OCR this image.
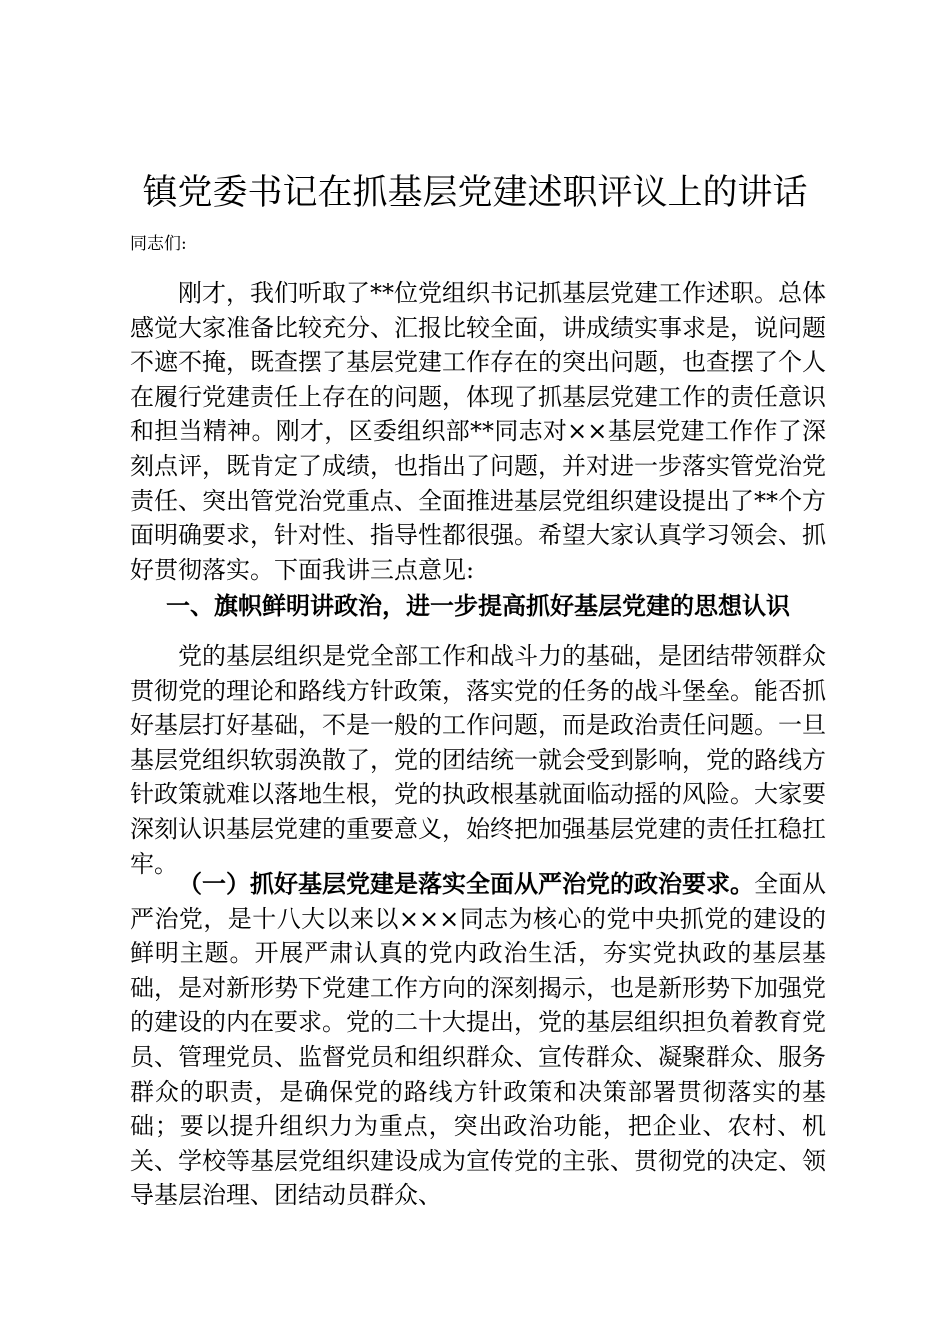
镇党委书记在抓基层党建述职评议上的讲话
同志们:

刚才，我们听取了**位党组织书记抓基层党建工作述职。总体感觉大家准备比较充分、汇报比较全面，讲成绩实事求是，说问题不遮不掩，既查摆了基层党建工作存在的突出问题，也查摆了个人在履行党建责任上存在的问题，体现了抓基层党建工作的责任意识和担当精神。刚才，区委组织部**同志对××基层党建工作作了深刻点评，既肯定了成绩，也指出了问题，并对进一步落实管党治党责任、突出管党治党重点、全面推进基层党组织建设提出了**个方面明确要求，针对性、指导性都很强。希望大家认真学习领会、抓好贯彻落实。下面我讲三点意见:

一、旗帜鲜明讲政治，进一步提高抓好基层党建的思想认识

党的基层组织是党全部工作和战斗力的基础，是团结带领群众贯彻党的理论和路线方针政策，落实党的任务的战斗堡垒。能否抓好基层打好基础，不是一般的工作问题，而是政治责任问题。一旦基层党组织软弱涣散了，党的团结统一就会受到影响，党的路线方针政策就难以落地生根，党的执政根基就面临动摇的风险。大家要深刻认识基层党建的重要意义，始终把加强基层党建的责任扛稳扛牢。

（一）抓好基层党建是落实全面从严治党的政治要求。全面从严治党，是十八大以来以×××同志为核心的党中央抓党的建设的鲜明主题。开展严肃认真的党内政治生活，夯实党执政的基层基础，是对新形势下党建工作方向的深刻揭示，也是新形势下加强党的建设的内在要求。党的二十大提出，党的基层组织担负着教育党员、管理党员、监督党员和组织群众、宣传群众、凝聚群众、服务群众的职责，是确保党的路线方针政策和决策部署贯彻落实的基础；要以提升组织力为重点，突出政治功能，把企业、农村、机关、学校等基层党组织建设成为宣传党的主张、贯彻党的决定、领导基层治理、团结动员群众、
